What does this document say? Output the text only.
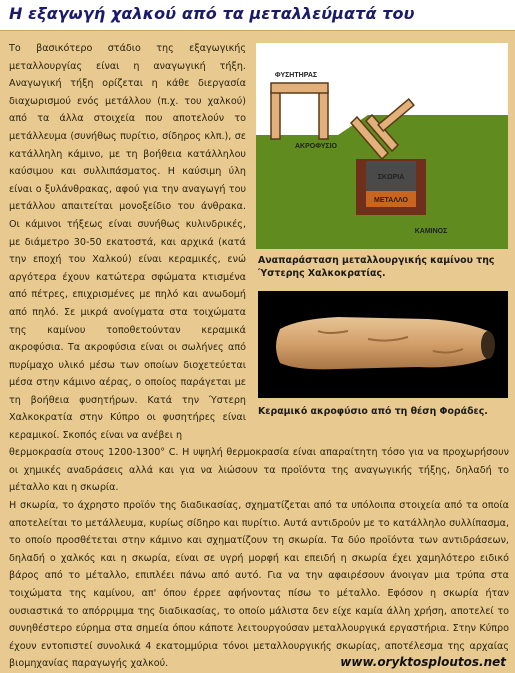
Η εξαγωγή χαλκού από τα μεταλλεύματά του
Το βασικότερο στάδιο της εξαγωγικής μεταλλουργίας είναι η αναγωγική τήξη. Αναγωγική τήξη ορίζεται η κάθε διεργασία διαχωρισμού ενός μετάλλου (π.χ. του χαλκού) από τα άλλα στοιχεία που αποτελούν το μετάλλευμα (συνήθως πυρίτιο, σίδηρος κλπ.), σε κατάλληλη κάμινο, με τη βοήθεια κατάλληλου καύσιμου και συλλιπάσματος. Η καύσιμη ύλη είναι ο ξυλάνθρακας, αφού για την αναγωγή του μετάλλου απαιτείται μονοξείδιο του άνθρακα. Οι κάμινοι τήξεως είναι συνήθως κυλινδρικές, με διάμετρο 30-50 εκατοστά, και αρχικά (κατά την εποχή του Χαλκού) είναι κεραμικές, ενώ αργότερα έχουν κατώτερα σφώματα κτισμένα από πέτρες, επιχρισμένες με πηλό και ανωδομή από πηλό. Σε μικρά ανοίγματα στα τοιχώματα της καμίνου τοποθετούνταν κεραμικά ακροφύσια. Τα ακροφύσια είναι οι σωλήνες από πυρίμαχο υλικό μέσω των οποίων διοχετεύεται μέσα στην κάμινο αέρας, ο οποίος παράγεται με τη βοήθεια φυσητήρων. Κατά την Ύστερη Χαλκοκρατία στην Κύπρο οι φυσητήρες είναι κεραμικοί. Σκοπός είναι να ανέβει η
ΦΥΣΗΤΗΡΑΣ
ΑΚΡΟΦΥΣΙΟ
ΣΚΩΡΙΑ
ΜΕΤΑΛΛΟ
ΚΑΜΙΝΟΣ
Αναπαράσταση μεταλλουργικής καμίνου της Ύστερης Χαλκοκρατίας.
Κεραμικό ακροφύσιο από τη θέση Φοράδες.
θερμοκρασία στους 1200-1300° C. Η υψηλή θερμοκρασία είναι απαραίτητη τόσο για να προχωρήσουν οι χημικές αναδράσεις αλλά και για να λιώσουν τα προϊόντα της αναγωγικής τήξης, δηλαδή το μέταλλο και η σκωρία.
Η σκωρία, το άχρηστο προϊόν της διαδικασίας, σχηματίζεται από τα υπόλοιπα στοιχεία από τα οποία αποτελείται το μετάλλευμα, κυρίως σίδηρο και πυρίτιο. Αυτά αντιδρούν με το κατάλληλο συλλίπασμα, το οποίο προσθέτεται στην κάμινο και σχηματίζουν τη σκωρία. Τα δύο προϊόντα των αντιδράσεων, δηλαδή ο χαλκός και η σκωρία, είναι σε υγρή μορφή και επειδή η σκωρία έχει χαμηλότερο ειδικό βάρος από το μέταλλο, επιπλέει πάνω από αυτό. Για να την αφαιρέσουν άνοιγαν μια τρύπα στα τοιχώματα της καμίνου, απ' όπου έρρεε αφήνοντας πίσω το μέταλλο. Εφόσον η σκωρία ήταν ουσιαστικά το απόρριμμα της διαδικασίας, το οποίο μάλιστα δεν είχε καμία άλλη χρήση, αποτελεί το συνηθέστερο εύρημα στα σημεία όπου κάποτε λειτουργούσαν μεταλλουργικά εργαστήρια. Στην Κύπρο έχουν εντοπιστεί συνολικά 4 εκατομμύρια τόνοι μεταλλουργικής σκωρίας, αποτέλεσμα της αρχαίας βιομηχανίας παραγωγής χαλκού.	www.oryktosploutos.net
